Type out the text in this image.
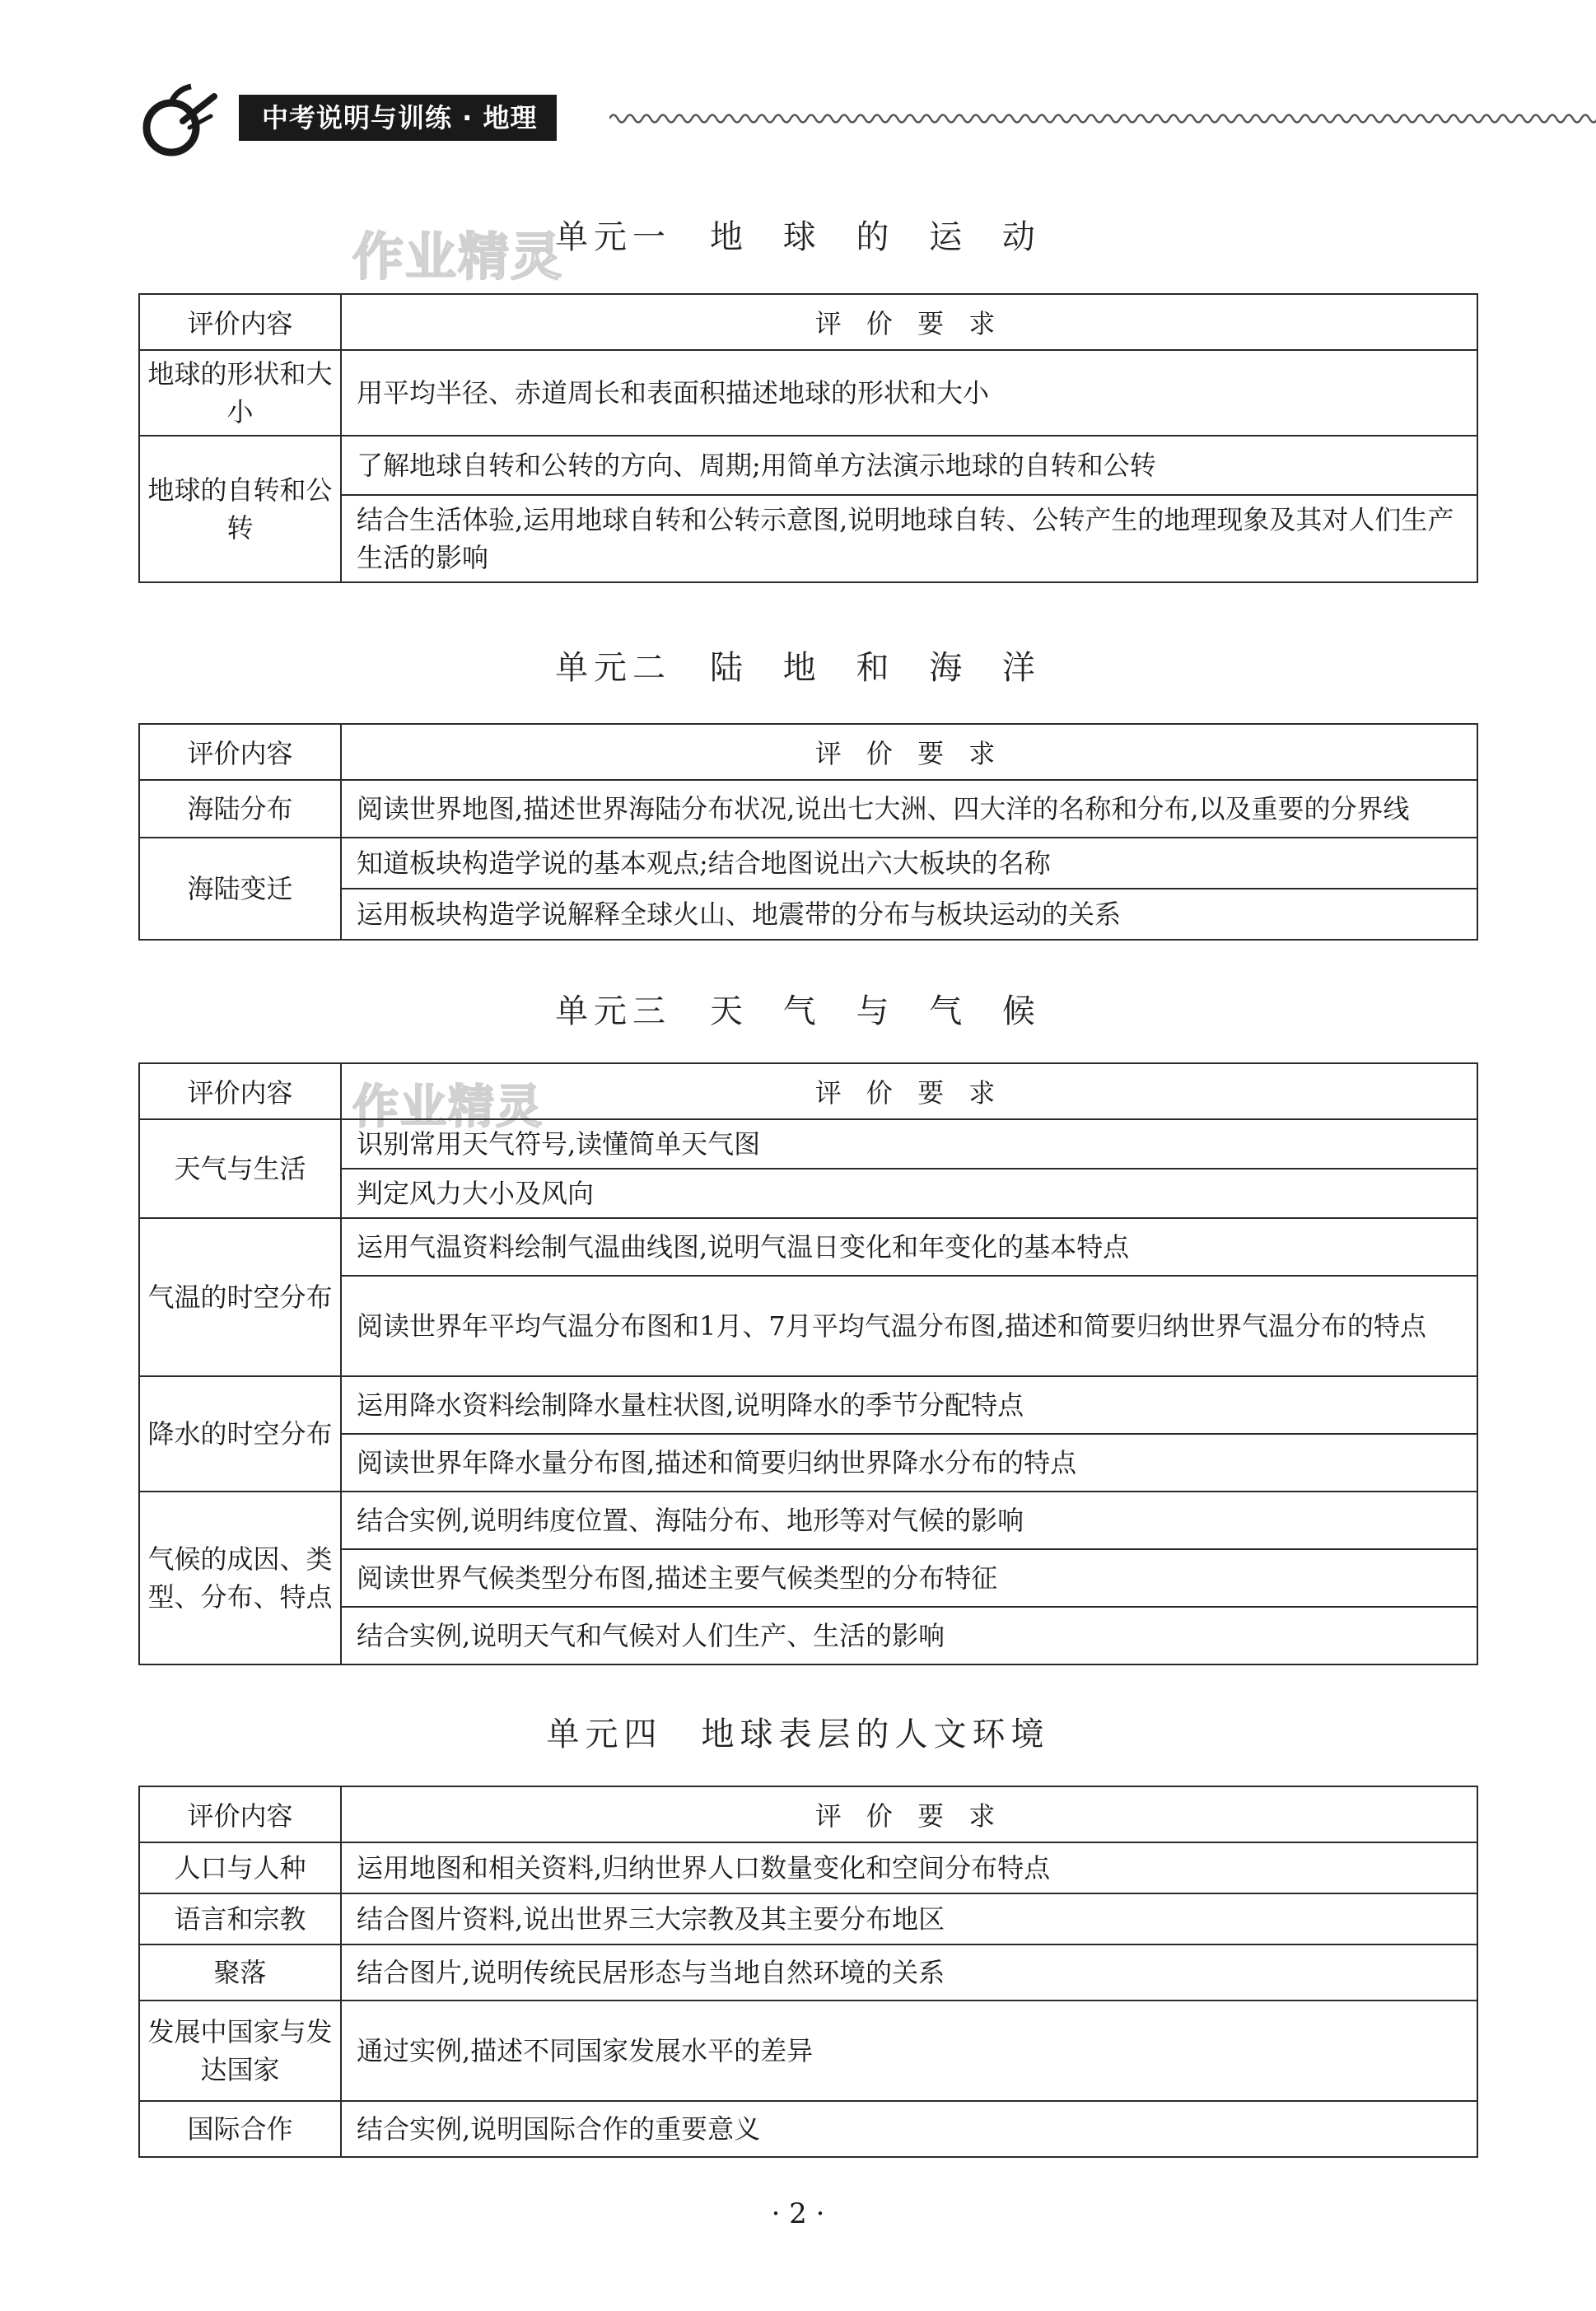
中考说明与训练 · 地理
作业精灵
作业精灵
单元一　地 球 的 运 动
评价内容	评 价 要 求
地球的形状和大小	用平均半径、赤道周长和表面积描述地球的形状和大小
地球的自转和公转	了解地球自转和公转的方向、周期;用简单方法演示地球的自转和公转
	结合生活体验,运用地球自转和公转示意图,说明地球自转、公转产生的地理现象及其对人们生产生活的影响
单元二　陆 地 和 海 洋
评价内容	评 价 要 求
海陆分布	阅读世界地图,描述世界海陆分布状况,说出七大洲、四大洋的名称和分布,以及重要的分界线
海陆变迁	知道板块构造学说的基本观点;结合地图说出六大板块的名称
	运用板块构造学说解释全球火山、地震带的分布与板块运动的关系
单元三　天 气 与 气 候
评价内容	评 价 要 求
天气与生活	识别常用天气符号,读懂简单天气图
	判定风力大小及风向
气温的时空分布	运用气温资料绘制气温曲线图,说明气温日变化和年变化的基本特点
	阅读世界年平均气温分布图和1月、7月平均气温分布图,描述和简要归纳世界气温分布的特点
降水的时空分布	运用降水资料绘制降水量柱状图,说明降水的季节分配特点
	阅读世界年降水量分布图,描述和简要归纳世界降水分布的特点
气候的成因、类型、分布、特点	结合实例,说明纬度位置、海陆分布、地形等对气候的影响
	阅读世界气候类型分布图,描述主要气候类型的分布特征
	结合实例,说明天气和气候对人们生产、生活的影响
单元四　地球表层的人文环境
评价内容	评 价 要 求
人口与人种	运用地图和相关资料,归纳世界人口数量变化和空间分布特点
语言和宗教	结合图片资料,说出世界三大宗教及其主要分布地区
聚落	结合图片,说明传统民居形态与当地自然环境的关系
发展中国家与发达国家	通过实例,描述不同国家发展水平的差异
国际合作	结合实例,说明国际合作的重要意义
· 2 ·
